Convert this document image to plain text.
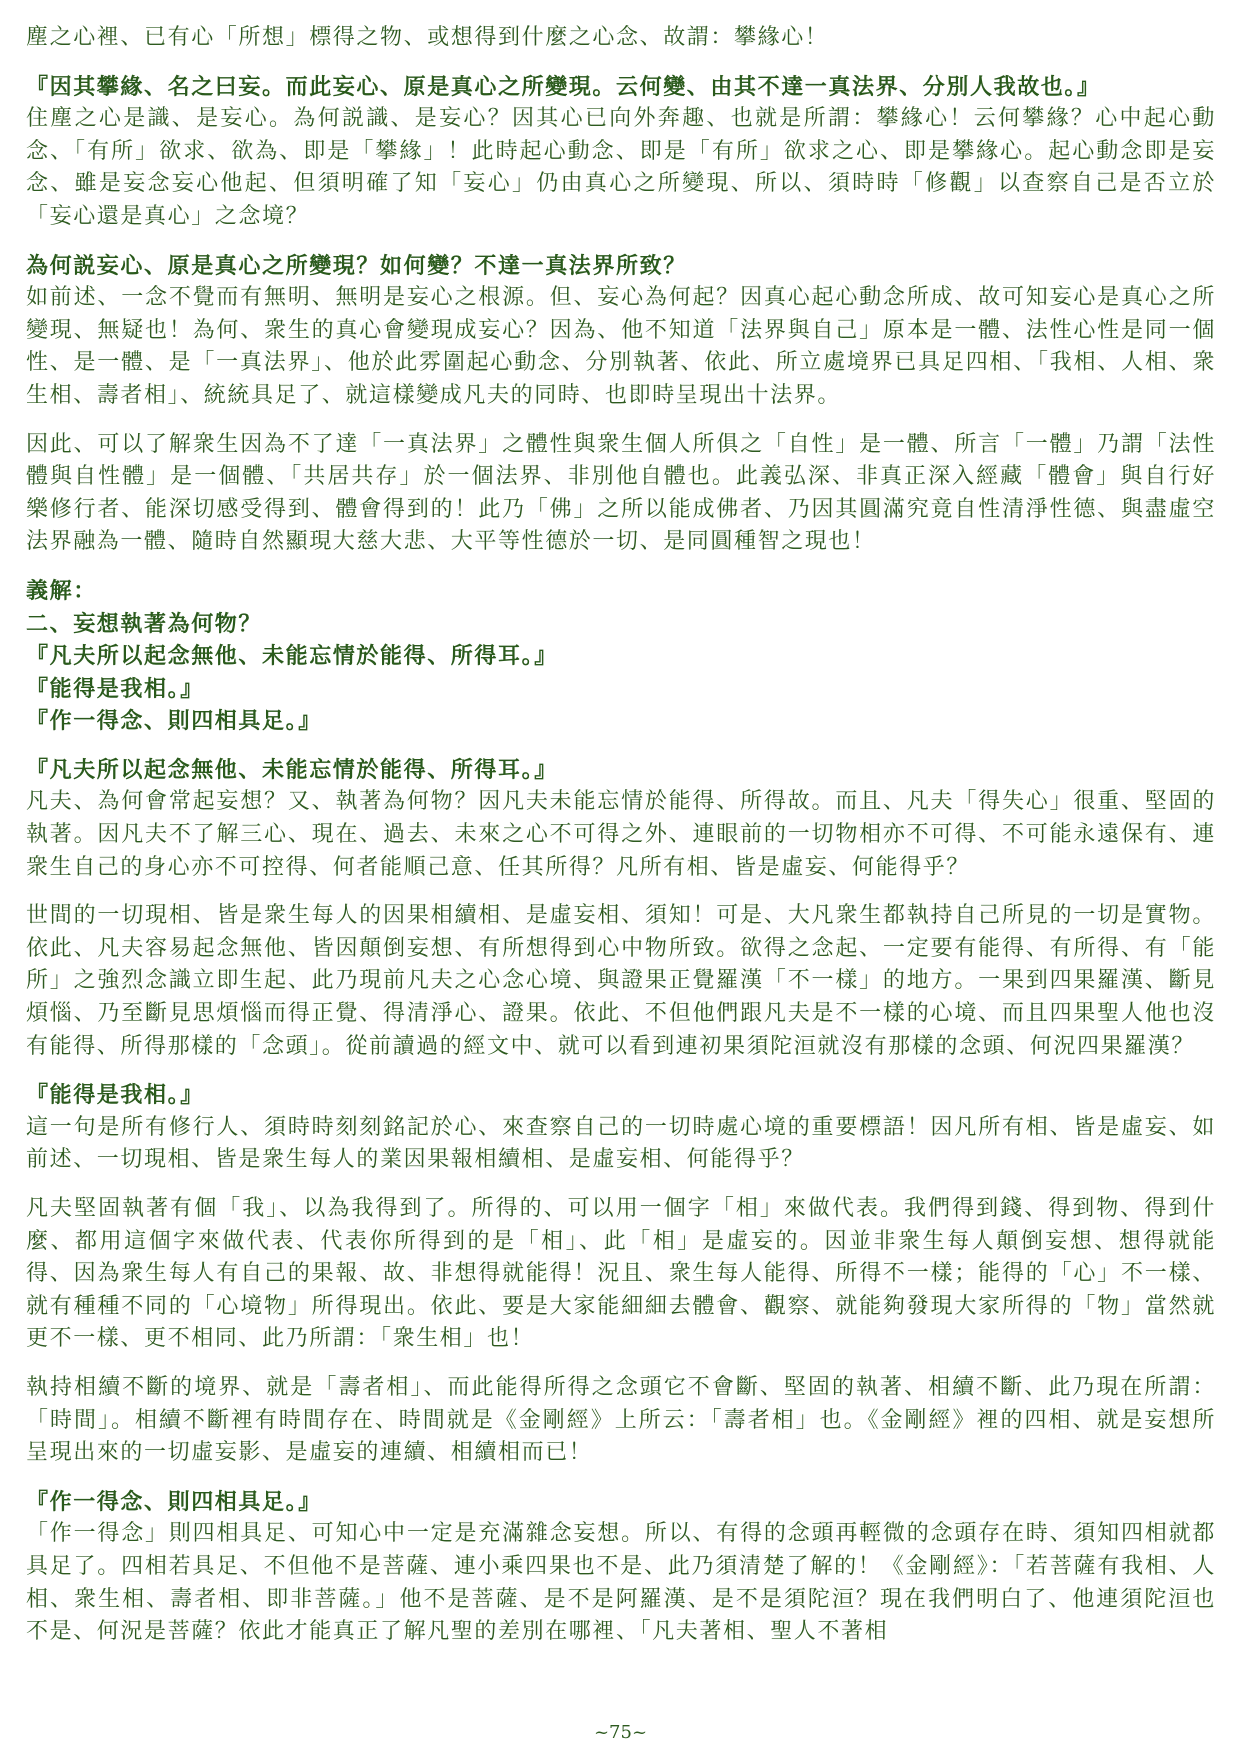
塵之心裡、已有心「所想」標得之物、或想得到什麼之心念、故謂：攀緣心！

『因其攀緣、名之曰妄。而此妄心、原是真心之所變現。云何變、由其不達一真法界、分別人我故也。』

住塵之心是識、是妄心。為何説識、是妄心？因其心已向外奔趣、也就是所謂：攀緣心！云何攀緣？心中起心動念、「有所」欲求、欲為、即是「攀緣」！此時起心動念、即是「有所」欲求之心、即是攀緣心。起心動念即是妄念、雖是妄念妄心他起、但須明確了知「妄心」仍由真心之所變現、所以、須時時「修觀」以查察自己是否立於「妄心還是真心」之念境？

為何説妄心、原是真心之所變現？如何變？不達一真法界所致？

如前述、一念不覺而有無明、無明是妄心之根源。但、妄心為何起？因真心起心動念所成、故可知妄心是真心之所變現、無疑也！為何、衆生的真心會變現成妄心？因為、他不知道「法界與自己」原本是一體、法性心性是同一個性、是一體、是「一真法界」、他於此雰圍起心動念、分別執著、依此、所立處境界已具足四相、「我相、人相、衆生相、壽者相」、統統具足了、就這樣變成凡夫的同時、也即時呈現出十法界。

因此、可以了解衆生因為不了達「一真法界」之體性與衆生個人所俱之「自性」是一體、所言「一體」乃謂「法性體與自性體」是一個體、「共居共存」於一個法界、非別他自體也。此義弘深、非真正深入經藏「體會」與自行好樂修行者、能深切感受得到、體會得到的！此乃「佛」之所以能成佛者、乃因其圓滿究竟自性清淨性德、與盡虛空法界融為一體、隨時自然顯現大慈大悲、大平等性德於一切、是同圓種智之現也！

義解：
二、妄想執著為何物？
『凡夫所以起念無他、未能忘情於能得、所得耳。』
『能得是我相。』
『作一得念、則四相具足。』
『凡夫所以起念無他、未能忘情於能得、所得耳。』

凡夫、為何會常起妄想？又、執著為何物？因凡夫未能忘情於能得、所得故。而且、凡夫「得失心」很重、堅固的執著。因凡夫不了解三心、現在、過去、未來之心不可得之外、連眼前的一切物相亦不可得、不可能永遠保有、連衆生自己的身心亦不可控得、何者能順己意、任其所得？凡所有相、皆是虛妄、何能得乎？

世間的一切現相、皆是衆生每人的因果相續相、是虛妄相、須知！可是、大凡衆生都執持自己所見的一切是實物。依此、凡夫容易起念無他、皆因顛倒妄想、有所想得到心中物所致。欲得之念起、一定要有能得、有所得、有「能所」之強烈念識立即生起、此乃現前凡夫之心念心境、與證果正覺羅漢「不一樣」的地方。一果到四果羅漢、斷見煩惱、乃至斷見思煩惱而得正覺、得清淨心、證果。依此、不但他們跟凡夫是不一樣的心境、而且四果聖人他也沒有能得、所得那樣的「念頭」。從前讀過的經文中、就可以看到連初果須陀洹就沒有那樣的念頭、何況四果羅漢？

『能得是我相。』

這一句是所有修行人、須時時刻刻銘記於心、來查察自己的一切時處心境的重要標語！因凡所有相、皆是虛妄、如前述、一切現相、皆是衆生每人的業因果報相續相、是虛妄相、何能得乎？

凡夫堅固執著有個「我」、以為我得到了。所得的、可以用一個字「相」來做代表。我們得到錢、得到物、得到什麼、都用這個字來做代表、代表你所得到的是「相」、此「相」是虛妄的。因並非衆生每人顛倒妄想、想得就能得、因為衆生每人有自己的果報、故、非想得就能得！況且、衆生每人能得、所得不一樣；能得的「心」不一樣、就有種種不同的「心境物」所得現出。依此、要是大家能細細去體會、觀察、就能夠發現大家所得的「物」當然就更不一樣、更不相同、此乃所謂：「衆生相」也！

執持相續不斷的境界、就是「壽者相」、而此能得所得之念頭它不會斷、堅固的執著、相續不斷、此乃現在所謂：「時間」。相續不斷裡有時間存在、時間就是《金剛經》上所云：「壽者相」也。《金剛經》裡的四相、就是妄想所呈現出來的一切虛妄影、是虛妄的連續、相續相而已！

『作一得念、則四相具足。』

「作一得念」則四相具足、可知心中一定是充滿雜念妄想。所以、有得的念頭再輕微的念頭存在時、須知四相就都具足了。四相若具足、不但他不是菩薩、連小乘四果也不是、此乃須清楚了解的！《金剛經》：「若菩薩有我相、人相、衆生相、壽者相、即非菩薩。」他不是菩薩、是不是阿羅漢、是不是須陀洹？現在我們明白了、他連須陀洹也不是、何況是菩薩？依此才能真正了解凡聖的差別在哪裡、「凡夫著相、聖人不著相

~75~
